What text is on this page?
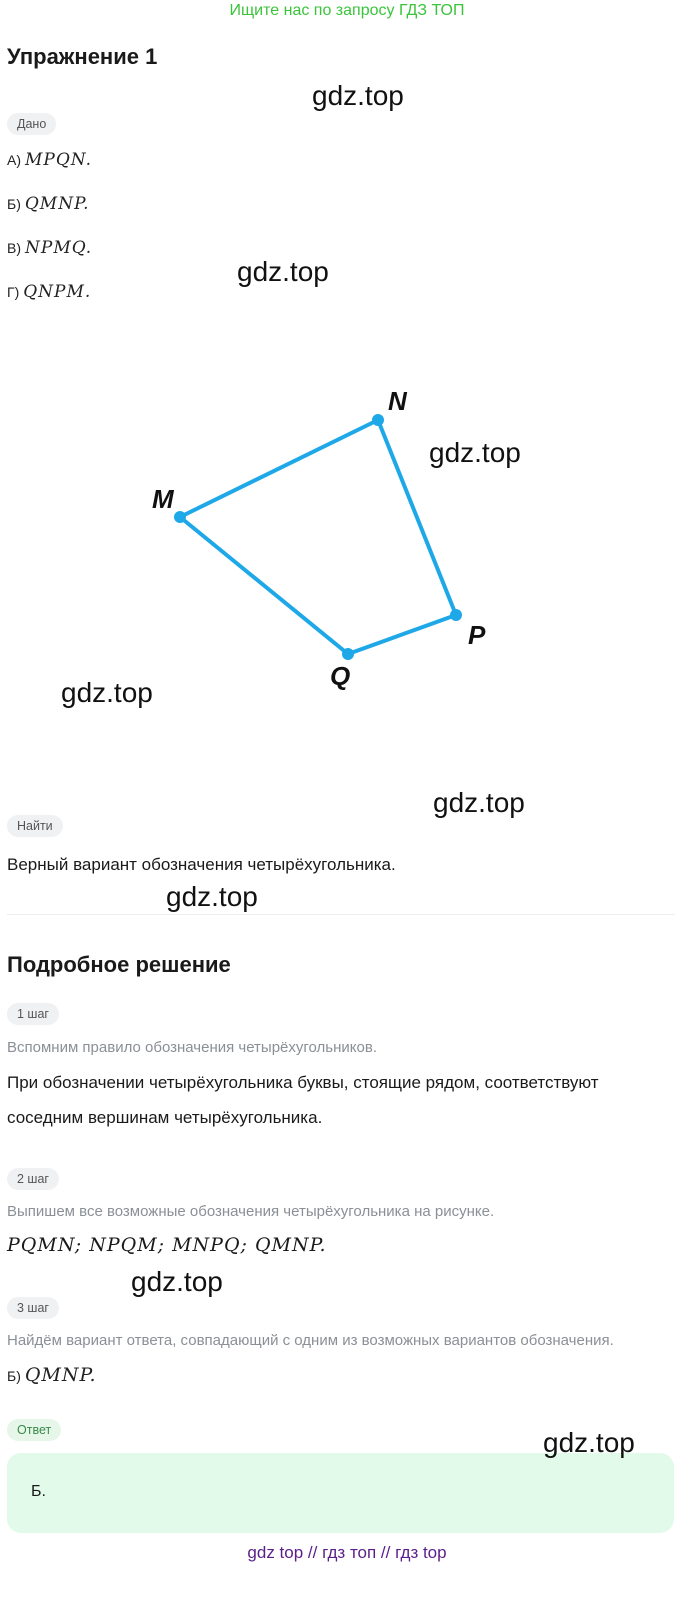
Ищите нас по запросу ГДЗ ТОП
Упражнение 1
Дано
А) MPQN.
Б) QMNP.
В) NPMQ.
Г) QNPM.
M
N
P
Q
Найти
Верный вариант обозначения четырёхугольника.
Подробное решение
1 шаг
Вспомним правило обозначения четырёхугольников.
При обозначении четырёхугольника буквы, стоящие рядом, соответствуют
соседним вершинам четырёхугольника.
2 шаг
Выпишем все возможные обозначения четырёхугольника на рисунке.
PQMN; NPQM; MNPQ; QMNP.
3 шаг
Найдём вариант ответа, совпадающий с одним из возможных вариантов обозначения.
Б) QMNP.
Ответ
Б.
gdz.top
gdz.top
gdz.top
gdz.top
gdz.top
gdz.top
gdz.top
gdz.top
gdz top // гдз топ // гдз top
